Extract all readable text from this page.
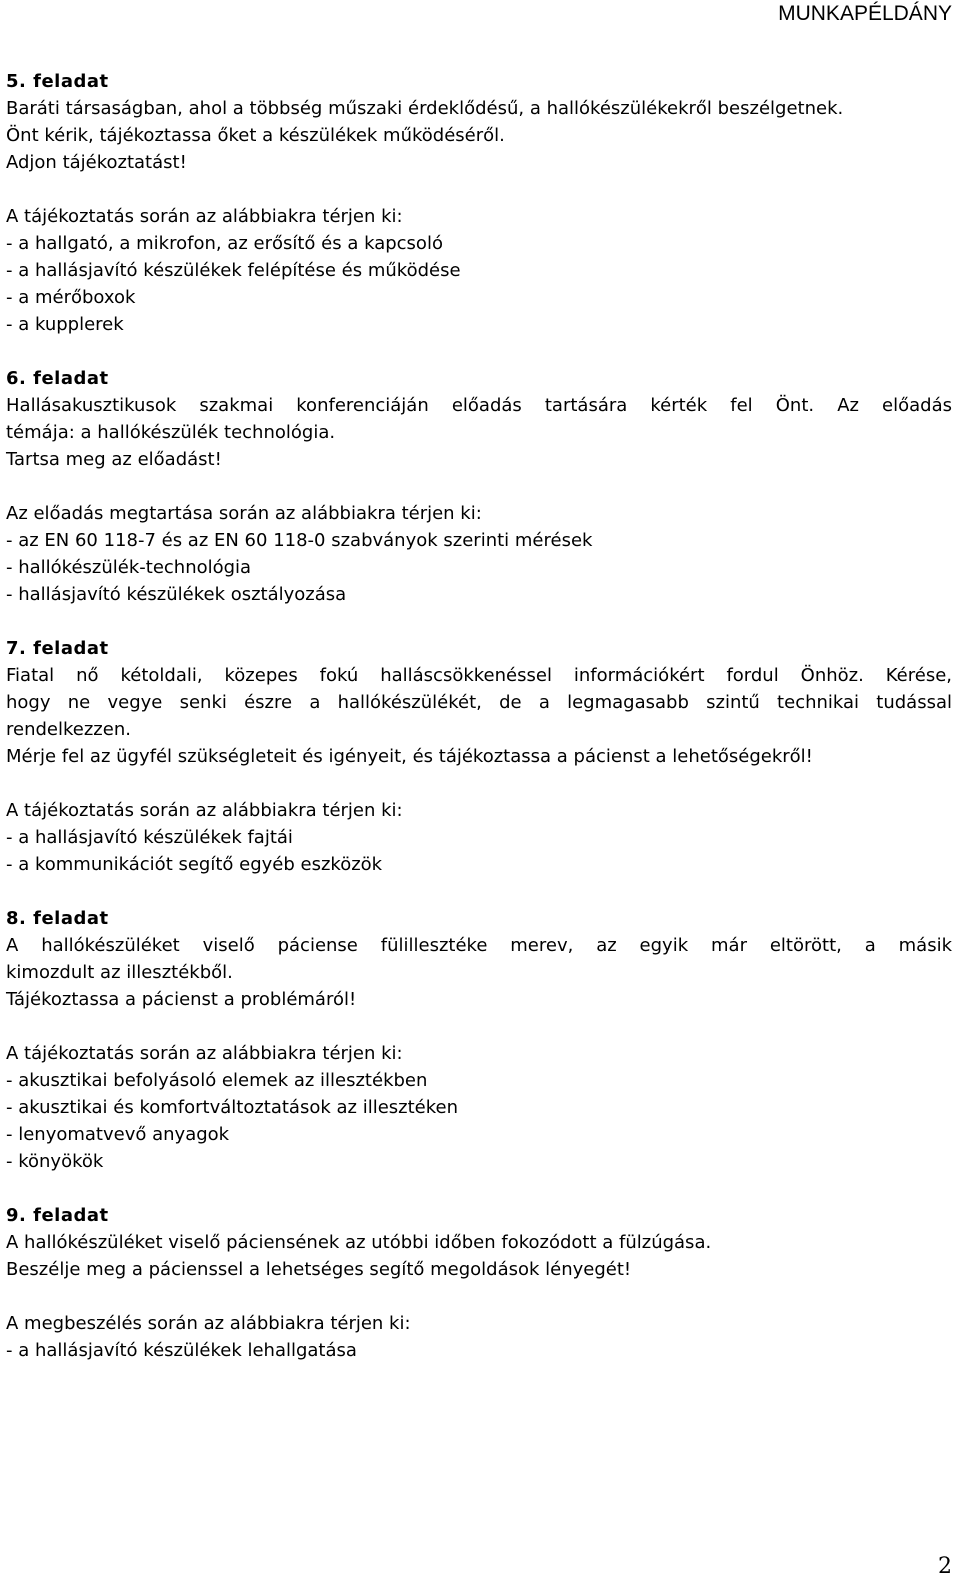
MUNKAPÉLDÁNY
5. feladat
Baráti társaságban, ahol a többség műszaki érdeklődésű, a hallókészülékekről beszélgetnek.
Önt kérik, tájékoztassa őket a készülékek működéséről.
Adjon tájékoztatást!
A tájékoztatás során az alábbiakra térjen ki:
- a hallgató, a mikrofon, az erősítő és a kapcsoló
- a hallásjavító készülékek felépítése és működése
- a mérőboxok
- a kupplerek
6. feladat
Hallásakusztikusok szakmai konferenciáján előadás tartására kérték fel Önt. Az előadás
témája: a hallókészülék technológia.
Tartsa meg az előadást!
Az előadás megtartása során az alábbiakra térjen ki:
- az EN 60 118-7 és az EN 60 118-0 szabványok szerinti mérések
- hallókészülék-technológia
- hallásjavító készülékek osztályozása
7. feladat
Fiatal nő kétoldali, közepes fokú halláscsökkenéssel információkért fordul Önhöz. Kérése,
hogy ne vegye senki észre a hallókészülékét, de a legmagasabb szintű technikai tudással
rendelkezzen.
Mérje fel az ügyfél szükségleteit és igényeit, és tájékoztassa a pácienst a lehetőségekről!
A tájékoztatás során az alábbiakra térjen ki:
- a hallásjavító készülékek fajtái
- a kommunikációt segítő egyéb eszközök
8. feladat
A hallókészüléket viselő páciense fülillesztéke merev, az egyik már eltörött, a másik
kimozdult az illesztékből.
Tájékoztassa a pácienst a problémáról!
A tájékoztatás során az alábbiakra térjen ki:
- akusztikai befolyásoló elemek az illesztékben
- akusztikai és komfortváltoztatások az illesztéken
- lenyomatvevő anyagok
- könyökök
9. feladat
A hallókészüléket viselő páciensének az utóbbi időben fokozódott a fülzúgása.
Beszélje meg a pácienssel a lehetséges segítő megoldások lényegét!
A megbeszélés során az alábbiakra térjen ki:
- a hallásjavító készülékek lehallgatása
2
